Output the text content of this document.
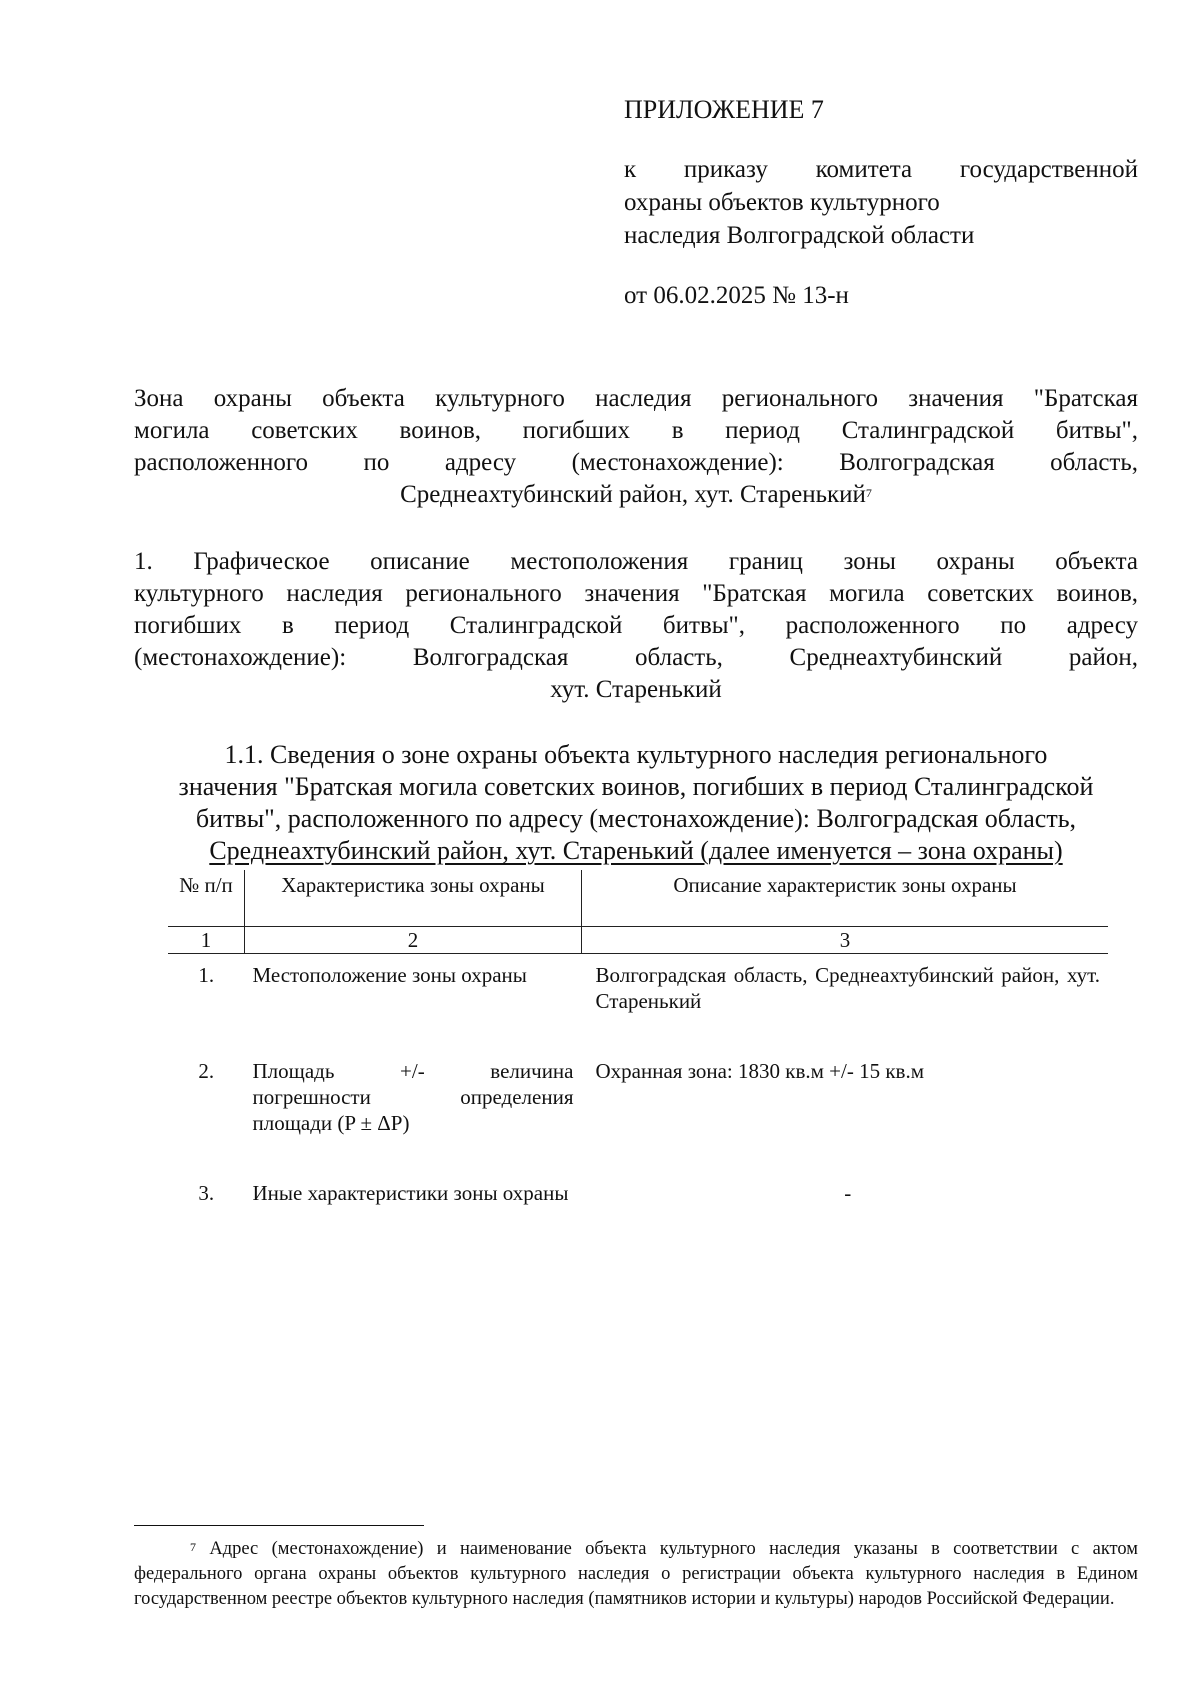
ПРИЛОЖЕНИЕ 7
к приказу комитета государственной
охраны объектов культурного
наследия Волгоградской области
от 06.02.2025 № 13-н
Зона охраны объекта культурного наследия регионального значения "Братская
могила советских воинов, погибших в период Сталинградской битвы",
расположенного по адресу (местонахождение): Волгоградская область,
Среднеахтубинский район, хут. Старенький$^7$
1. Графическое описание местоположения границ зоны охраны объекта
культурного наследия регионального значения "Братская могила советских воинов,
погибших в период Сталинградской битвы", расположенного по адресу
(местонахождение): Волгоградская область, Среднеахтубинский район,
хут. Старенький
1.1. Сведения о зоне охраны объекта культурного наследия регионального
значения "Братская могила советских воинов, погибших в период Сталинградской
битвы", расположенного по адресу (местонахождение): Волгоградская область,
Среднеахтубинский район, хут. Старенький (далее именуется – зона охраны)
№ п/п	Характеристика зоны охраны	Описание характеристик зоны охраны
1	2	3
1.	Местоположение зоны охраны	Волгоградская область, Среднеахтубинский район, хут. Старенький
2.	Площадь +/- величина погрешности определения площади (P ± ΔP)	Охранная зона: 1830 кв.м +/- 15 кв.м
3.	Иные характеристики зоны охраны	-
$^7$ Адрес (местонахождение) и наименование объекта культурного наследия указаны в соответствии с актом федерального органа охраны объектов культурного наследия о регистрации объекта культурного наследия в Едином государственном реестре объектов культурного наследия (памятников истории и культуры) народов Российской Федерации.
